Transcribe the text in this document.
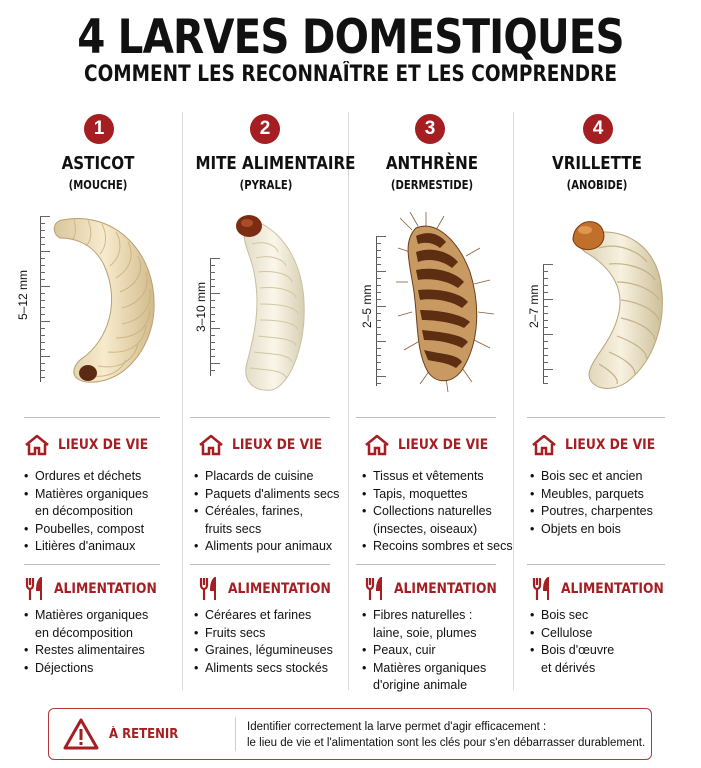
4 LARVES DOMESTIQUES
COMMENT LES RECONNAÎTRE ET LES COMPRENDRE
1
ASTICOT
(MOUCHE)
5–12 mm
LIEUX DE VIE
• Ordures et déchets
• Matières organiques
en décomposition
• Poubelles, compost
• Litières d'animaux
ALIMENTATION
• Matières organiques
en décomposition
• Restes alimentaires
• Déjections
2
MITE ALIMENTAIRE
(PYRALE)
3–10 mm
LIEUX DE VIE
• Placards de cuisine
• Paquets d'aliments secs
• Céréales, farines,
fruits secs
• Aliments pour animaux
ALIMENTATION
• Céréares et farines
• Fruits secs
• Graines, légumineuses
• Aliments secs stockés
3
ANTHRÈNE
(DERMESTIDE)
2–5 mm
LIEUX DE VIE
• Tissus et vêtements
• Tapis, moquettes
• Collections naturelles
(insectes, oiseaux)
• Recoins sombres et secs
ALIMENTATION
• Fibres naturelles :
laine, soie, plumes
• Peaux, cuir
• Matières organiques
d'origine animale
4
VRILLETTE
(ANOBIDE)
2–7 mm
LIEUX DE VIE
• Bois sec et ancien
• Meubles, parquets
• Poutres, charpentes
• Objets en bois
ALIMENTATION
• Bois sec
• Cellulose
• Bois d'œuvre
et dérivés
À RETENIR	Identifier correctement la larve permet d'agir efficacement :
le lieu de vie et l'alimentation sont les clés pour s'en débarrasser durablement.
